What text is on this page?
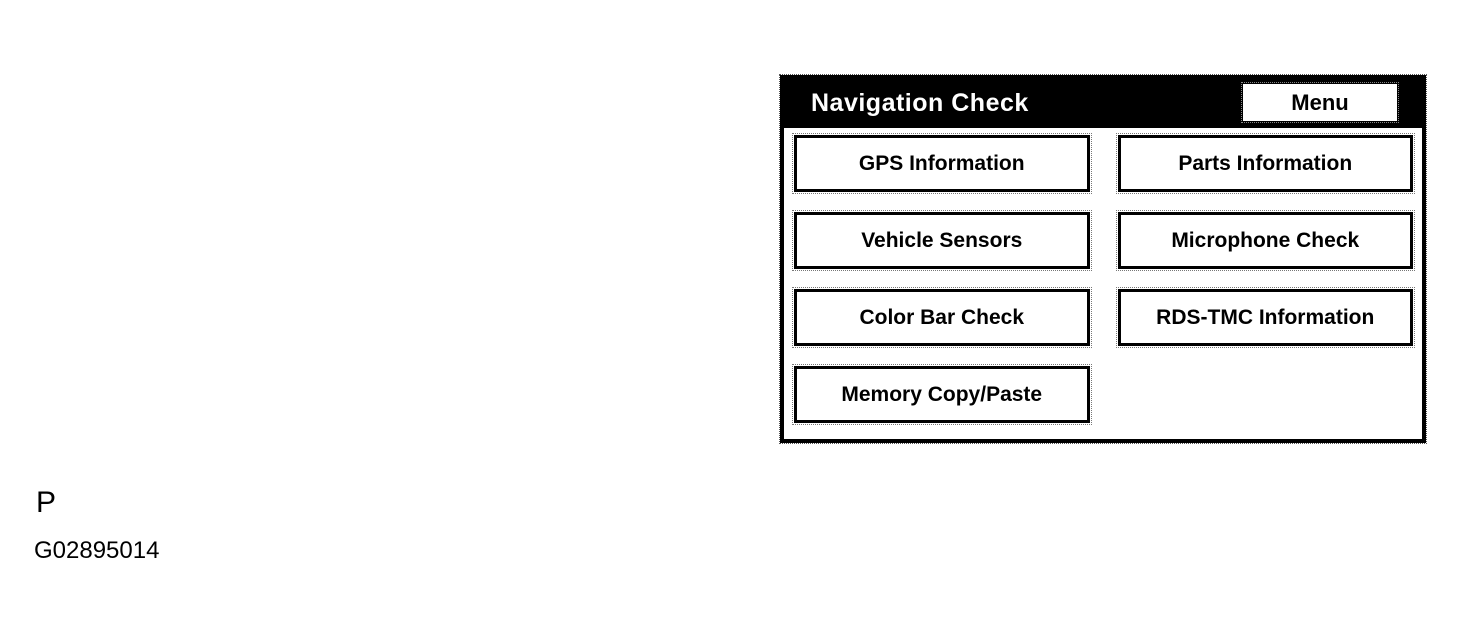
Navigation Check	Menu
GPS Information	Parts Information
Vehicle Sensors	Microphone Check
Color Bar Check	RDS-TMC Information
Memory Copy/Paste
P
G02895014
